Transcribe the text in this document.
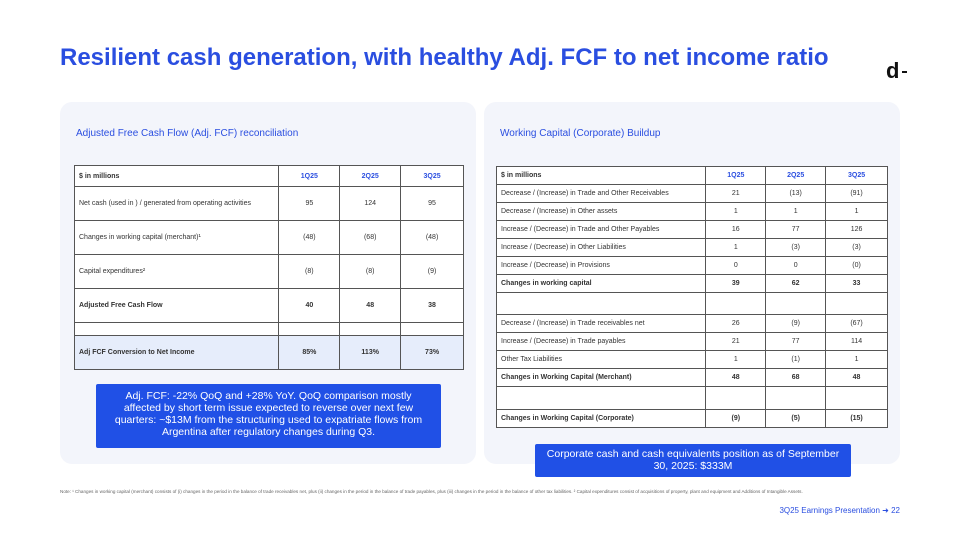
Resilient cash generation, with healthy Adj. FCF to net income ratio	d
Adjusted Free Cash Flow (Adj. FCF) reconciliation
$ in millions	1Q25	2Q25	3Q25
Net cash (used in ) / generated from operating activities	95	124	95
Changes in working capital (merchant)¹	(48)	(68)	(48)
Capital expenditures²	(8)	(8)	(9)
Adjusted Free Cash Flow	40	48	38

Adj FCF Conversion to Net Income	85%	113%	73%
Working Capital (Corporate) Buildup
$ in millions	1Q25	2Q25	3Q25
Decrease / (Increase) in Trade and Other Receivables	21	(13)	(91)
Decrease / (Increase) in Other assets	1	1	1
Increase / (Decrease) in Trade and Other Payables	16	77	126
Increase / (Decrease) in Other Liabilities	1	(3)	(3)
Increase / (Decrease) in Provisions	0	0	(0)
Changes in working capital	39	62	33

Decrease / (Increase) in Trade receivables net	26	(9)	(67)
Increase / (Decrease) in Trade payables	21	77	114
Other Tax Liabilities	1	(1)	1
Changes in Working Capital (Merchant)	48	68	48

Changes in Working Capital (Corporate)	(9)	(5)	(15)
Adj. FCF: -22% QoQ and +28% YoY. QoQ comparison mostly affected by short term issue expected to reverse over next few quarters: ~$13M from the structuring used to expatriate flows from Argentina after regulatory changes during Q3.
Corporate cash and cash equivalents position as of September 30, 2025: $333M
Note: ¹ Changes in working capital (merchant) consists of (i) changes in the period in the balance of trade receivables net, plus (ii) changes in the period in the balance of trade payables, plus (iii) changes in the period in the balance of other tax liabilities. ² Capital expenditures consist of acquisitions of property, plant and equipment and Additions of Intangible Assets.
3Q25 Earnings Presentation ➜ 22
